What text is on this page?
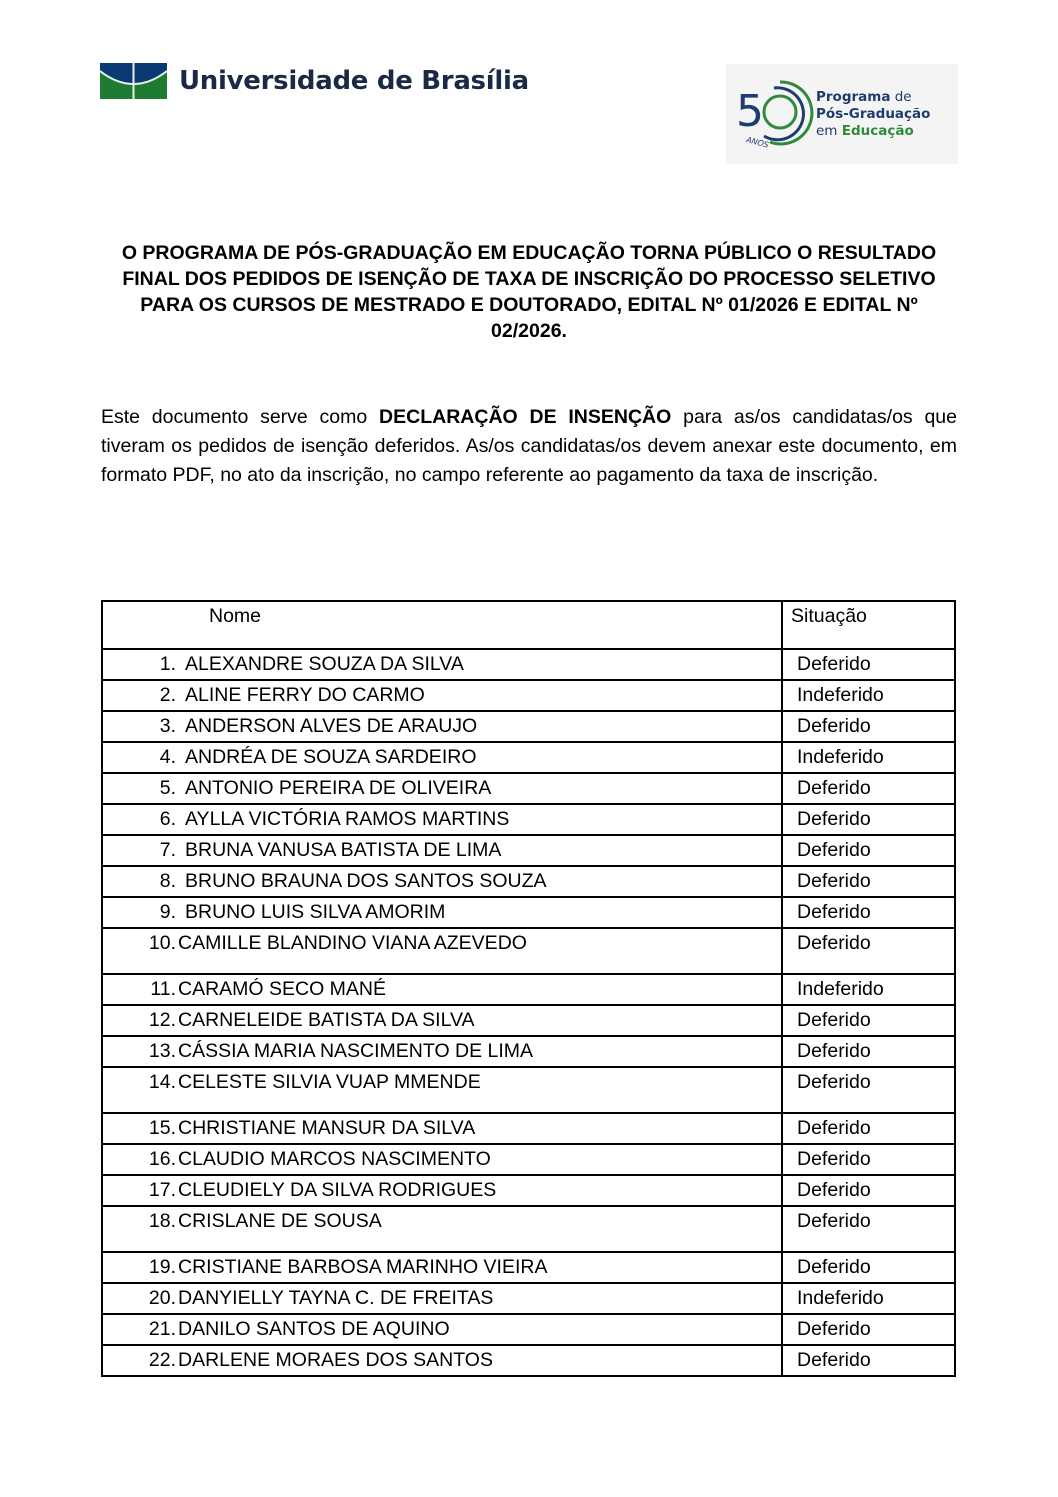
Universidade de Brasília
5
ANOS
Programa de
Pós-Graduação
em Educação
O PROGRAMA DE PÓS-GRADUAÇÃO EM EDUCAÇÃO TORNA PÚBLICO O RESULTADO FINAL DOS PEDIDOS DE ISENÇÃO DE TAXA DE INSCRIÇÃO DO PROCESSO SELETIVO PARA OS CURSOS DE MESTRADO E DOUTORADO, EDITAL Nº 01/2026 E EDITAL Nº 02/2026.
Este documento serve como DECLARAÇÃO DE INSENÇÃO para as/os candidatas/os que tiveram os pedidos de isenção deferidos. As/os candidatas/os devem anexar este documento, em formato PDF, no ato da inscrição, no campo referente ao pagamento da taxa de inscrição.
Nome	Situação
1. ALEXANDRE SOUZA DA SILVA	Deferido
2. ALINE FERRY DO CARMO	Indeferido
3. ANDERSON ALVES DE ARAUJO	Deferido
4. ANDRÉA DE SOUZA SARDEIRO	Indeferido
5. ANTONIO PEREIRA DE OLIVEIRA	Deferido
6. AYLLA VICTÓRIA RAMOS MARTINS	Deferido
7. BRUNA VANUSA BATISTA DE LIMA	Deferido
8. BRUNO BRAUNA DOS SANTOS SOUZA	Deferido
9. BRUNO LUIS SILVA AMORIM	Deferido
10. CAMILLE BLANDINO VIANA AZEVEDO	Deferido
11. CARAMÓ SECO MANÉ	Indeferido
12. CARNELEIDE BATISTA DA SILVA	Deferido
13. CÁSSIA MARIA NASCIMENTO DE LIMA	Deferido
14. CELESTE SILVIA VUAP MMENDE	Deferido
15. CHRISTIANE MANSUR DA SILVA	Deferido
16. CLAUDIO MARCOS NASCIMENTO	Deferido
17. CLEUDIELY DA SILVA RODRIGUES	Deferido
18. CRISLANE DE SOUSA	Deferido
19. CRISTIANE BARBOSA MARINHO VIEIRA	Deferido
20. DANYIELLY TAYNA C. DE FREITAS	Indeferido
21. DANILO SANTOS DE AQUINO	Deferido
22. DARLENE MORAES DOS SANTOS	Deferido
